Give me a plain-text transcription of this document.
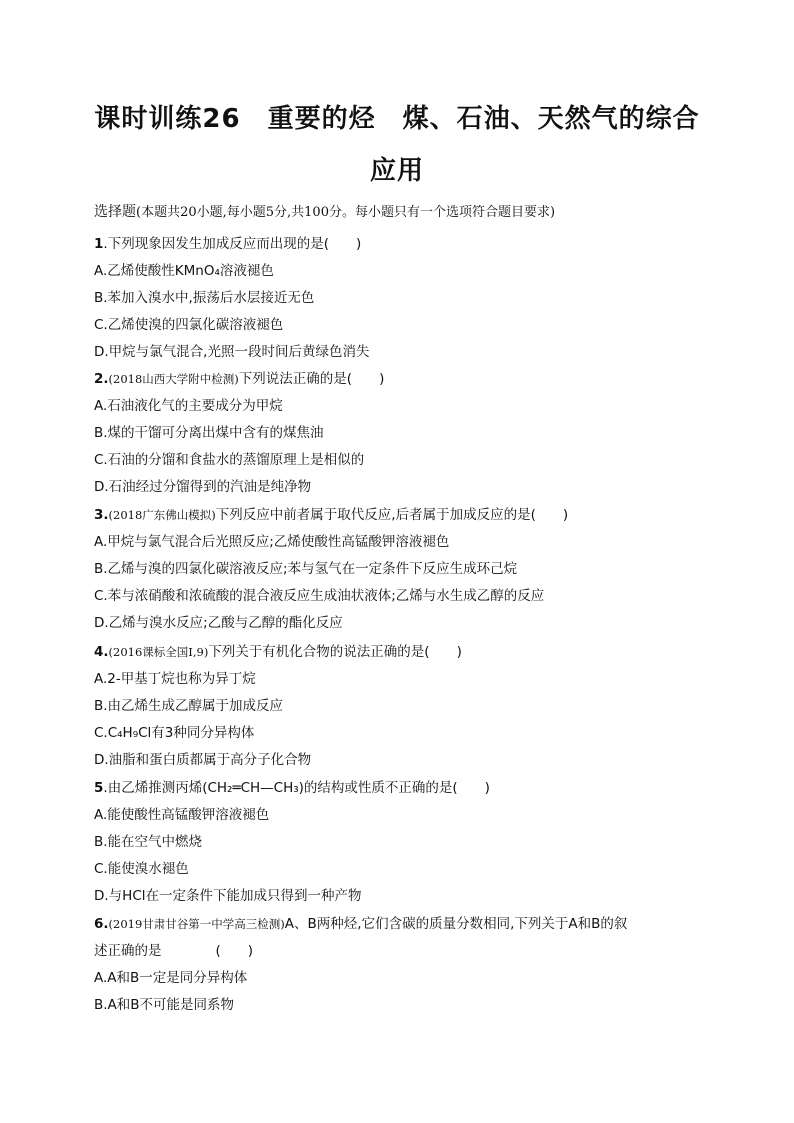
课时训练26　重要的烃　煤、石油、天然气的综合
应用
选择题(本题共20小题,每小题5分,共100分。每小题只有一个选项符合题目要求)
1.下列现象因发生加成反应而出现的是(　　)
A.乙烯使酸性KMnO₄溶液褪色
B.苯加入溴水中,振荡后水层接近无色
C.乙烯使溴的四氯化碳溶液褪色
D.甲烷与氯气混合,光照一段时间后黄绿色消失
2.(2018山西大学附中检测)下列说法正确的是(　　)
A.石油液化气的主要成分为甲烷
B.煤的干馏可分离出煤中含有的煤焦油
C.石油的分馏和食盐水的蒸馏原理上是相似的
D.石油经过分馏得到的汽油是纯净物
3.(2018广东佛山模拟)下列反应中前者属于取代反应,后者属于加成反应的是(　　)
A.甲烷与氯气混合后光照反应;乙烯使酸性高锰酸钾溶液褪色
B.乙烯与溴的四氯化碳溶液反应;苯与氢气在一定条件下反应生成环己烷
C.苯与浓硝酸和浓硫酸的混合液反应生成油状液体;乙烯与水生成乙醇的反应
D.乙烯与溴水反应;乙酸与乙醇的酯化反应
4.(2016课标全国Ⅰ,9)下列关于有机化合物的说法正确的是(　　)
A.2-甲基丁烷也称为异丁烷
B.由乙烯生成乙醇属于加成反应
C.C₄H₉Cl有3种同分异构体
D.油脂和蛋白质都属于高分子化合物
5.由乙烯推测丙烯(CH₂═CH—CH₃)的结构或性质不正确的是(　　)
A.能使酸性高锰酸钾溶液褪色
B.能在空气中燃烧
C.能使溴水褪色
D.与HCl在一定条件下能加成只得到一种产物
6.(2019甘肃甘谷第一中学高三检测)A、B两种烃,它们含碳的质量分数相同,下列关于A和B的叙
述正确的是　　　　(　　)
A.A和B一定是同分异构体
B.A和B不可能是同系物
